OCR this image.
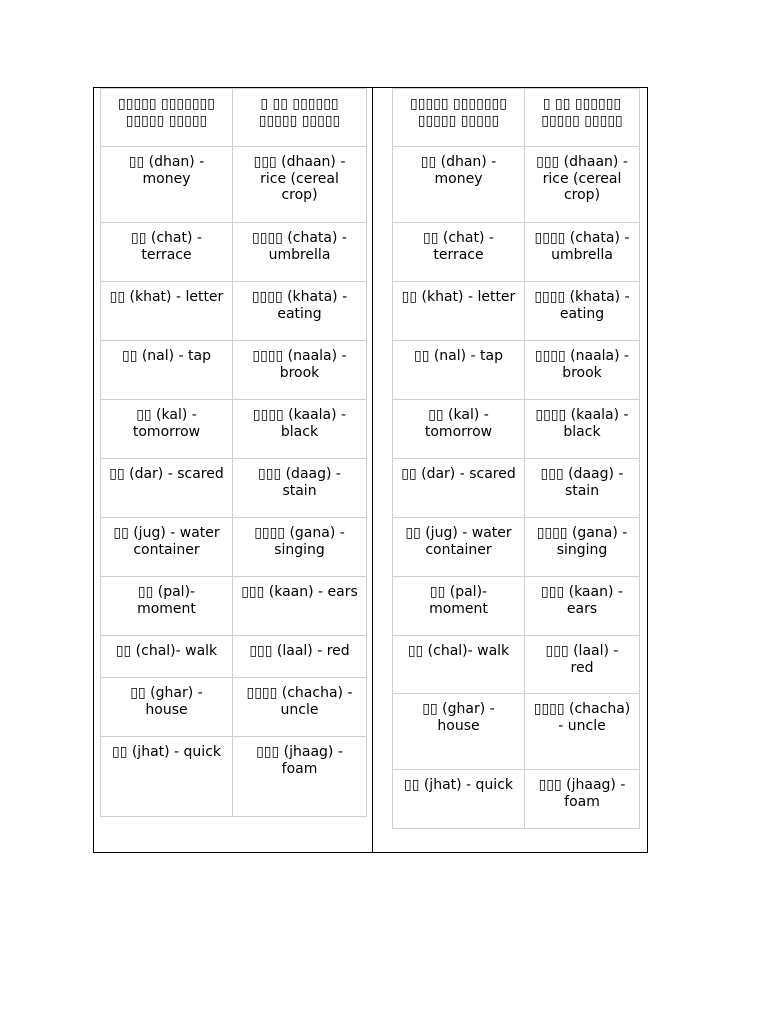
▯▯▯▯▯ ▯▯▯▯▯▯▯ ▯▯▯▯▯ ▯▯▯▯▯	▯ ▯▯ ▯▯▯▯▯▯ ▯▯▯▯▯ ▯▯▯▯▯
▯▯ (dhan) - money	▯▯▯ (dhaan) - rice (cereal crop)
▯▯ (chat) - terrace	▯▯▯▯ (chata) - umbrella
▯▯ (khat) - letter	▯▯▯▯ (khata) - eating
▯▯ (nal) - tap	▯▯▯▯ (naala) - brook
▯▯ (kal) - tomorrow	▯▯▯▯ (kaala) - black
▯▯ (dar) - scared	▯▯▯ (daag) - stain
▯▯ (jug) - water container	▯▯▯▯ (gana) - singing
▯▯ (pal)- moment	▯▯▯ (kaan) - ears
▯▯ (chal)- walk	▯▯▯ (laal) - red
▯▯ (ghar) - house	▯▯▯▯ (chacha) - uncle
▯▯ (jhat) - quick	▯▯▯ (jhaag) - foam
▯▯▯▯▯ ▯▯▯▯▯▯▯ ▯▯▯▯▯ ▯▯▯▯▯	▯ ▯▯ ▯▯▯▯▯▯ ▯▯▯▯▯ ▯▯▯▯▯
▯▯ (dhan) - money	▯▯▯ (dhaan) - rice (cereal crop)
▯▯ (chat) - terrace	▯▯▯▯ (chata) - umbrella
▯▯ (khat) - letter	▯▯▯▯ (khata) - eating
▯▯ (nal) - tap	▯▯▯▯ (naala) - brook
▯▯ (kal) - tomorrow	▯▯▯▯ (kaala) - black
▯▯ (dar) - scared	▯▯▯ (daag) - stain
▯▯ (jug) - water container	▯▯▯▯ (gana) - singing
▯▯ (pal)- moment	▯▯▯ (kaan) - ears
▯▯ (chal)- walk	▯▯▯ (laal) - red
▯▯ (ghar) - house	▯▯▯▯ (chacha) - uncle
▯▯ (jhat) - quick	▯▯▯ (jhaag) - foam
